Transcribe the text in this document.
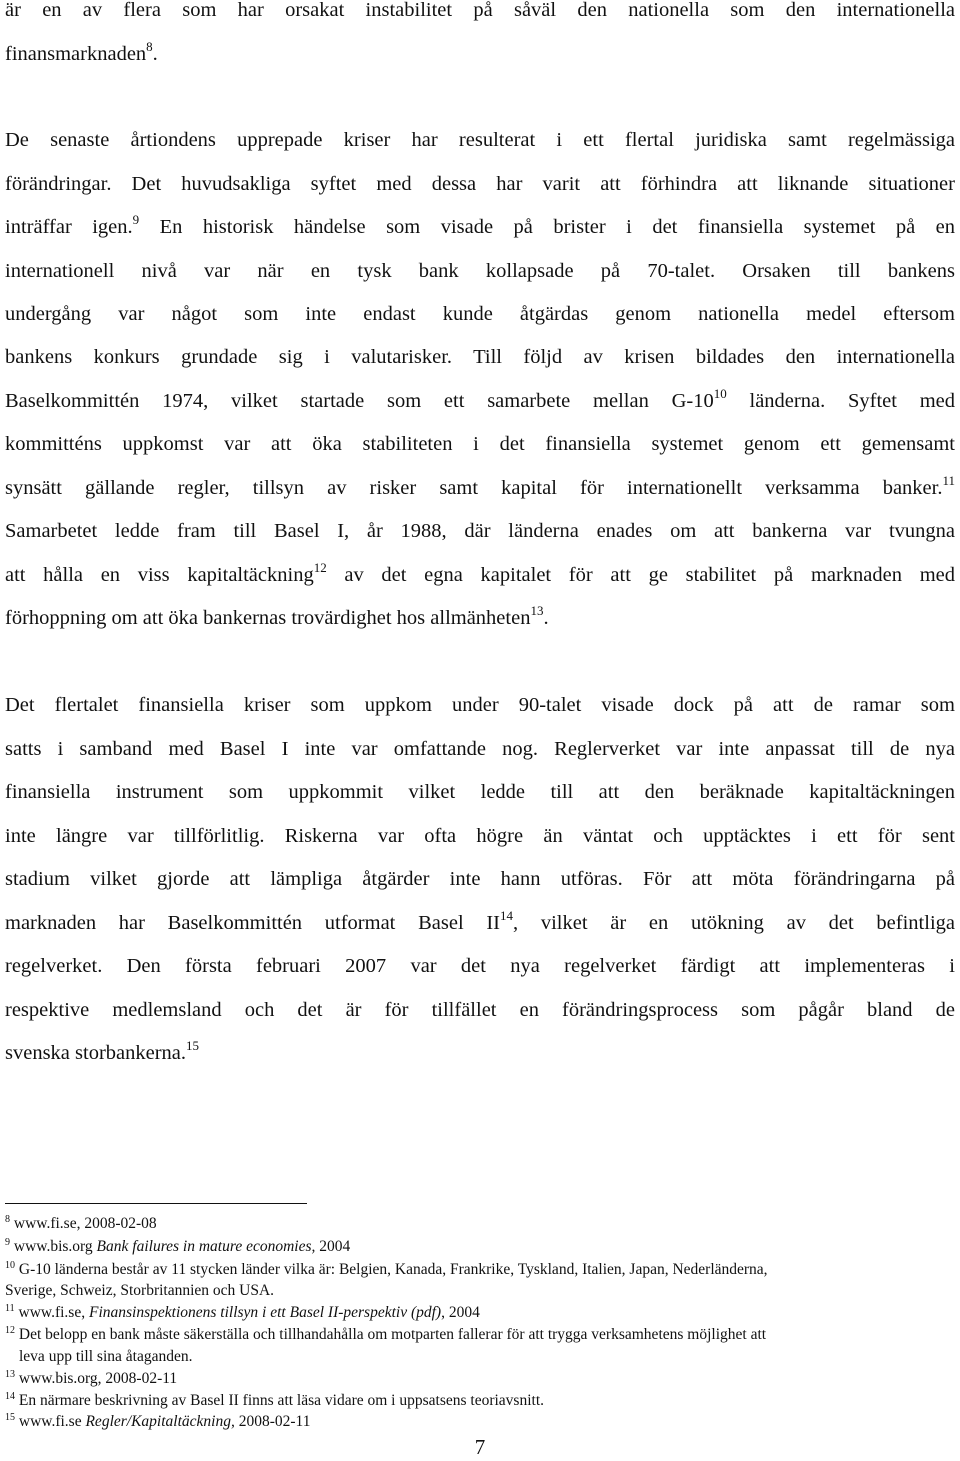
är en av flera som har orsakat instabilitet på såväl den nationella som den internationella
finansmarknaden$^8$.
De senaste årtiondens upprepade kriser har resulterat i ett flertal juridiska samt regelmässiga
förändringar. Det huvudsakliga syftet med dessa har varit att förhindra att liknande situationer
inträffar igen.$^9$ En historisk händelse som visade på brister i det finansiella systemet på en
internationell nivå var när en tysk bank kollapsade på 70-talet. Orsaken till bankens
undergång var något som inte endast kunde åtgärdas genom nationella medel eftersom
bankens konkurs grundade sig i valutarisker. Till följd av krisen bildades den internationella
Baselkommittén 1974, vilket startade som ett samarbete mellan $G-10^{10}$ länderna. Syftet med
kommitténs uppkomst var att öka stabiliteten i det finansiella systemet genom ett gemensamt
synsätt gällande regler, tillsyn av risker samt kapital för internationellt verksamma banker.$^{11}$
Samarbetet ledde fram till Basel I, år 1988, där länderna enades om att bankerna var tvungna
att hålla en viss kapitaltäckning$^{12}$ av det egna kapitalet för att ge stabilitet på marknaden med
förhoppning om att öka bankernas trovärdighet hos allmänheten$^{13}$.
Det flertalet finansiella kriser som uppkom under 90-talet visade dock på att de ramar som
satts i samband med Basel I inte var omfattande nog. Reglerverket var inte anpassat till de nya
finansiella instrument som uppkommit vilket ledde till att den beräknade kapitaltäckningen
inte längre var tillförlitlig. Riskerna var ofta högre än väntat och upptäcktes i ett för sent
stadium vilket gjorde att lämpliga åtgärder inte hann utföras. För att möta förändringarna på
marknaden har Baselkommittén utformat Basel II$^{14}$, vilket är en utökning av det befintliga
regelverket. Den första februari 2007 var det nya regelverket färdigt att implementeras i
respektive medlemsland och det är för tillfället en förändringsprocess som pågår bland de
svenska storbankerna.$^{15}$
$^8$ www.fi.se, 2008-02-08
$^9$ www.bis.org Bank failures in mature economies, 2004
$^{10}$ G-10 länderna består av 11 stycken länder vilka är: Belgien, Kanada, Frankrike, Tyskland, Italien, Japan, Nederländerna,
Sverige, Schweiz, Storbritannien och USA.
$^{11}$ www.fi.se, Finansinspektionens tillsyn i ett Basel II-perspektiv (pdf), 2004
$^{12}$ Det belopp en bank måste säkerställa och tillhandahålla om motparten fallerar för att trygga verksamhetens möjlighet att
leva upp till sina åtaganden.
$^{13}$ www.bis.org, 2008-02-11
$^{14}$ En närmare beskrivning av Basel II finns att läsa vidare om i uppsatsens teoriavsnitt.
$^{15}$ www.fi.se Regler/Kapitaltäckning, 2008-02-11
7
